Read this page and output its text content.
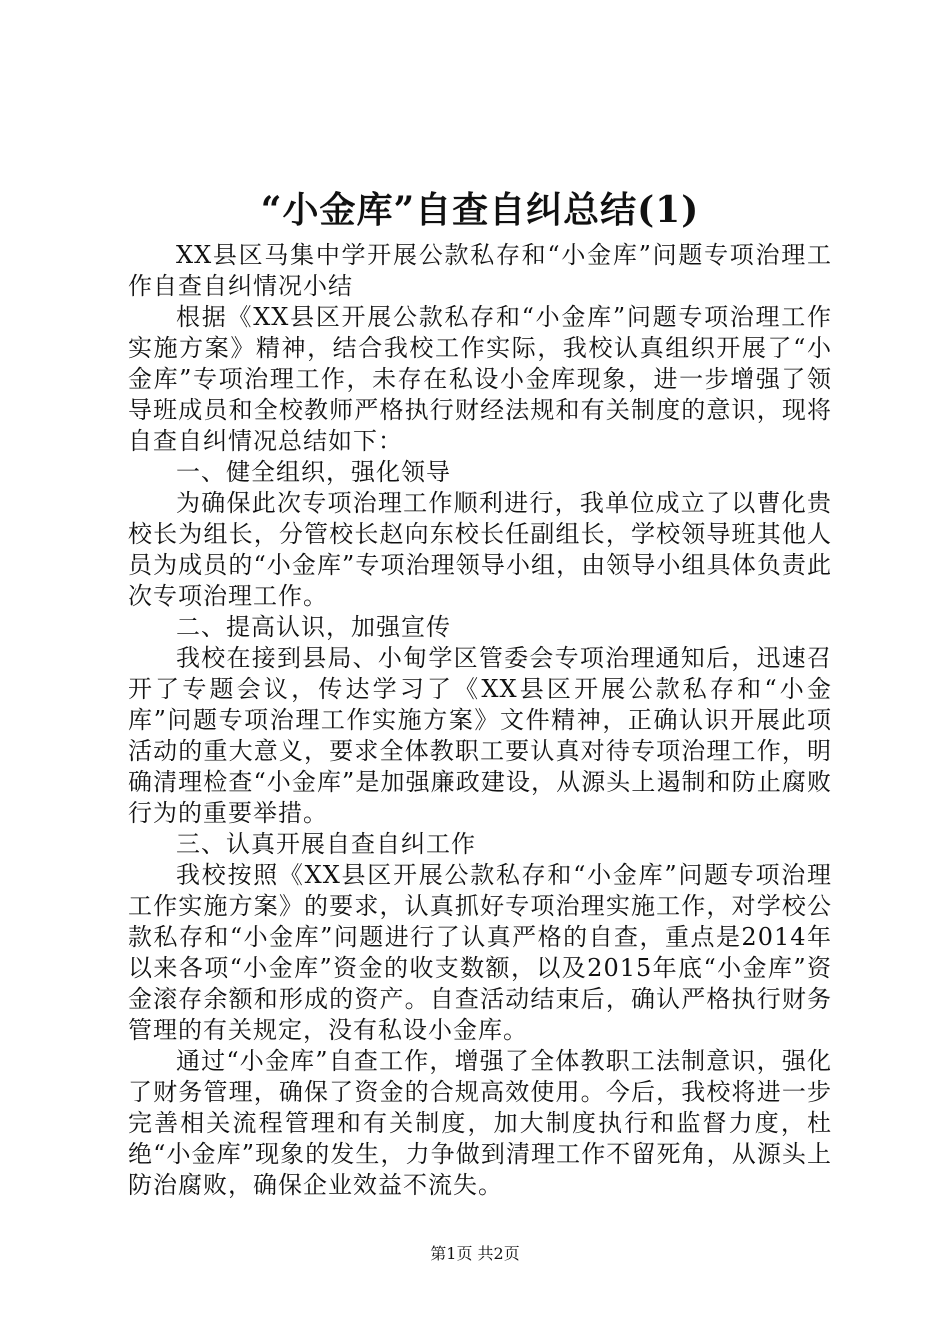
“小金库”自查自纠总结(1)

XX县区马集中学开展公款私存和“小金库”问题专项治理工作自查自纠情况小结

根据《XX县区开展公款私存和“小金库”问题专项治理工作实施方案》精神，结合我校工作实际，我校认真组织开展了“小金库”专项治理工作，未存在私设小金库现象，进一步增强了领导班成员和全校教师严格执行财经法规和有关制度的意识，现将自查自纠情况总结如下：

一、健全组织，强化领导

为确保此次专项治理工作顺利进行，我单位成立了以曹化贵校长为组长，分管校长赵向东校长任副组长，学校领导班其他人员为成员的“小金库”专项治理领导小组，由领导小组具体负责此次专项治理工作。

二、提高认识，加强宣传

我校在接到县局、小甸学区管委会专项治理通知后，迅速召开了专题会议，传达学习了《XX县区开展公款私存和“小金库”问题专项治理工作实施方案》文件精神，正确认识开展此项活动的重大意义，要求全体教职工要认真对待专项治理工作，明确清理检查“小金库”是加强廉政建设，从源头上遏制和防止腐败行为的重要举措。

三、认真开展自查自纠工作

我校按照《XX县区开展公款私存和“小金库”问题专项治理工作实施方案》的要求，认真抓好专项治理实施工作，对学校公款私存和“小金库”问题进行了认真严格的自查，重点是2014年以来各项“小金库”资金的收支数额，以及2015年底“小金库”资金滚存余额和形成的资产。自查活动结束后，确认严格执行财务管理的有关规定，没有私设小金库。

通过“小金库”自查工作，增强了全体教职工法制意识，强化了财务管理，确保了资金的合规高效使用。今后，我校将进一步完善相关流程管理和有关制度，加大制度执行和监督力度，杜绝“小金库”现象的发生，力争做到清理工作不留死角，从源头上防治腐败，确保企业效益不流失。

第1页 共2页
